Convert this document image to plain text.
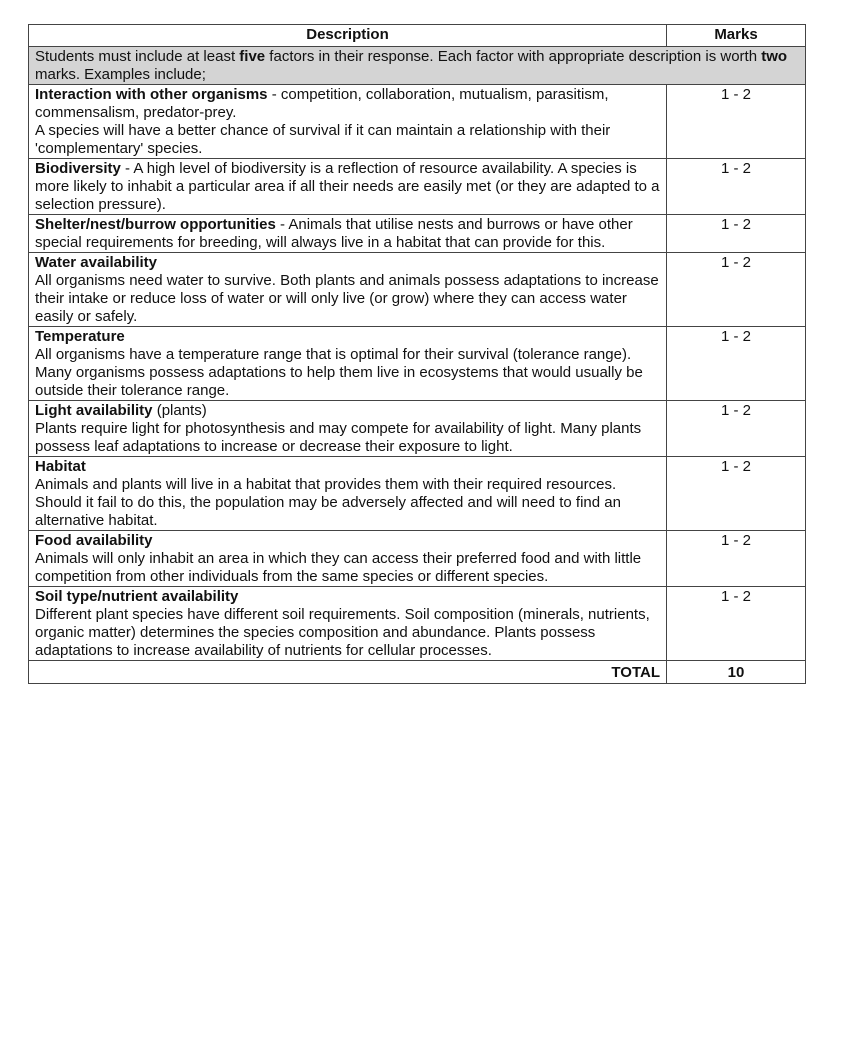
Description	Marks
Students must include at least five factors in their response. Each factor with appropriate description is worth two marks. Examples include;	
Interaction with other organisms - competition, collaboration, mutualism, parasitism, commensalism, predator-prey.
A species will have a better chance of survival if it can maintain a relationship with their 'complementary' species.	1 - 2
Biodiversity - A high level of biodiversity is a reflection of resource availability. A species is more likely to inhabit a particular area if all their needs are easily met (or they are adapted to a selection pressure).	1 - 2
Shelter/nest/burrow opportunities - Animals that utilise nests and burrows or have other special requirements for breeding, will always live in a habitat that can provide for this.	1 - 2

Water availability
All organisms need water to survive. Both plants and animals possess adaptations to increase their intake or reduce loss of water or will only live (or grow) where they can access water easily or safely.	1 - 2

Temperature
All organisms have a temperature range that is optimal for their survival (tolerance range). Many organisms possess adaptations to help them live in ecosystems that would usually be outside their tolerance range.	1 - 2

Light availability (plants)
Plants require light for photosynthesis and may compete for availability of light. Many plants possess leaf adaptations to increase or decrease their exposure to light.	1 - 2

Habitat
Animals and plants will live in a habitat that provides them with their required resources. Should it fail to do this, the population may be adversely affected and will need to find an alternative habitat.	1 - 2

Food availability
Animals will only inhabit an area in which they can access their preferred food and with little competition from other individuals from the same species or different species.	1 - 2

Soil type/nutrient availability
Different plant species have different soil requirements. Soil composition (minerals, nutrients, organic matter) determines the species composition and abundance. Plants possess adaptations to increase availability of nutrients for cellular processes.	1 - 2
TOTAL	10
